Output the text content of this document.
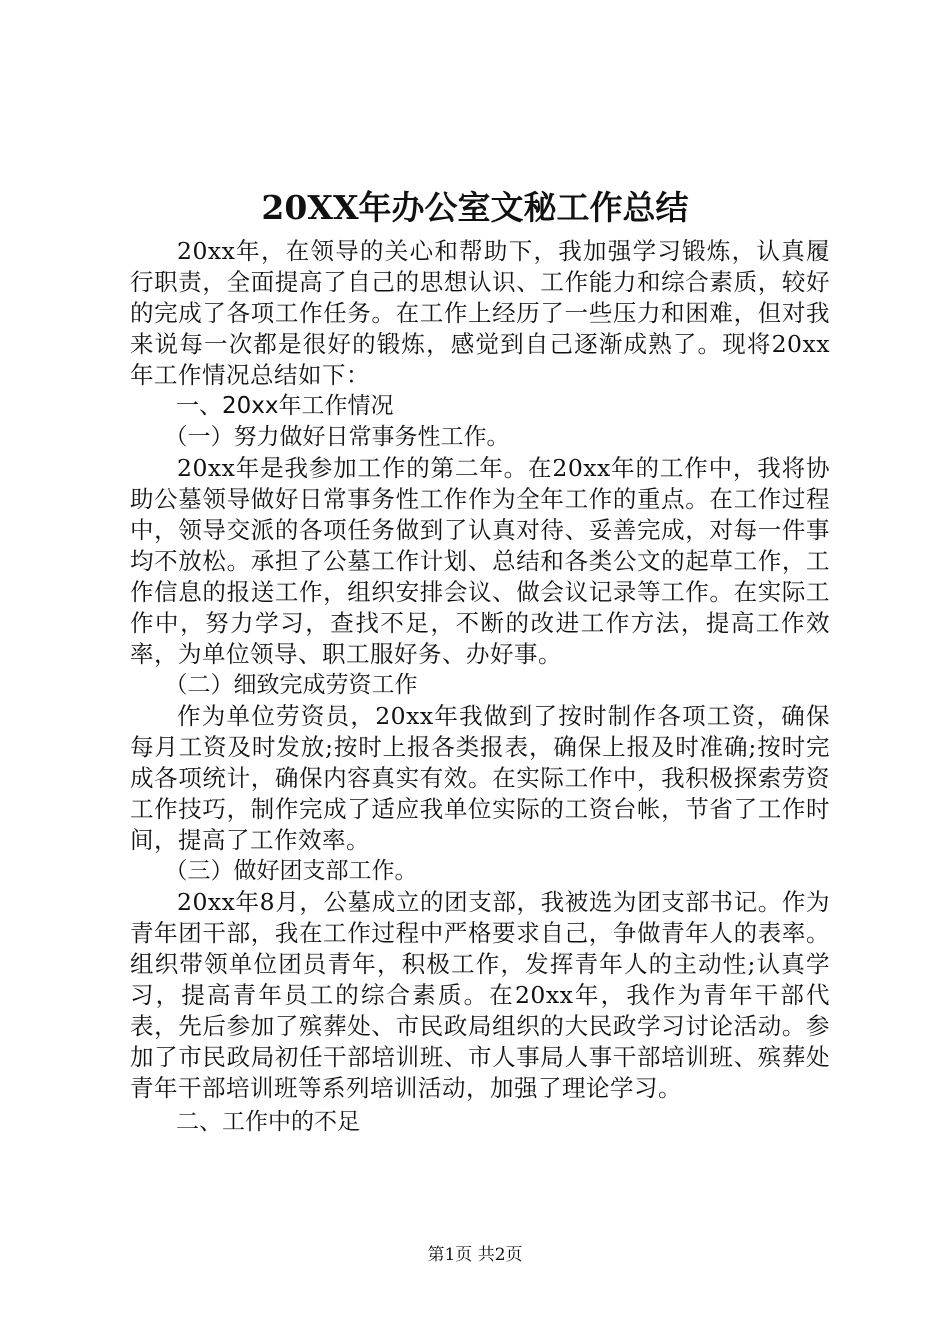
20XX年办公室文秘工作总结

20xx年，在领导的关心和帮助下，我加强学习锻炼，认真履行职责，全面提高了自己的思想认识、工作能力和综合素质，较好的完成了各项工作任务。在工作上经历了一些压力和困难，但对我来说每一次都是很好的锻炼，感觉到自己逐渐成熟了。现将20xx年工作情况总结如下：

一、20xx年工作情况

（一）努力做好日常事务性工作。

20xx年是我参加工作的第二年。在20xx年的工作中，我将协助公墓领导做好日常事务性工作作为全年工作的重点。在工作过程中，领导交派的各项任务做到了认真对待、妥善完成，对每一件事均不放松。承担了公墓工作计划、总结和各类公文的起草工作，工作信息的报送工作，组织安排会议、做会议记录等工作。在实际工作中，努力学习，查找不足，不断的改进工作方法，提高工作效率，为单位领导、职工服好务、办好事。

（二）细致完成劳资工作

作为单位劳资员，20xx年我做到了按时制作各项工资，确保每月工资及时发放;按时上报各类报表，确保上报及时准确;按时完成各项统计，确保内容真实有效。在实际工作中，我积极探索劳资工作技巧，制作完成了适应我单位实际的工资台帐，节省了工作时间，提高了工作效率。

（三）做好团支部工作。

20xx年8月，公墓成立的团支部，我被选为团支部书记。作为青年团干部，我在工作过程中严格要求自己，争做青年人的表率。组织带领单位团员青年，积极工作，发挥青年人的主动性;认真学习，提高青年员工的综合素质。在20xx年，我作为青年干部代表，先后参加了殡葬处、市民政局组织的大民政学习讨论活动。参加了市民政局初任干部培训班、市人事局人事干部培训班、殡葬处青年干部培训班等系列培训活动，加强了理论学习。

二、工作中的不足

第1页 共2页
